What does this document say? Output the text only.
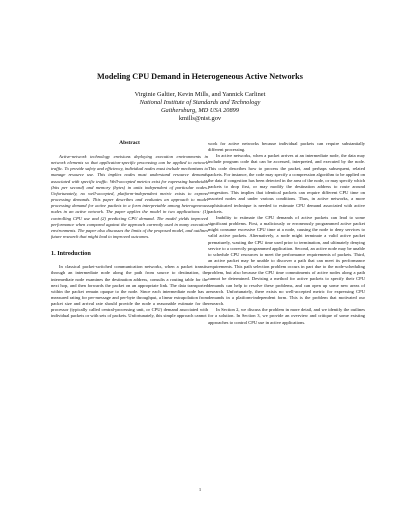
Modeling CPU Demand in Heterogeneous Active Networks
Virginie Galtier, Kevin Mills, and Yannick Carlinet
National Institute of Standards and Technology
Gaithersburg, MD USA 20899
kmills@nist.gov
Abstract

Active-network technology envisions deploying execution environments in network elements so that application-specific processing can be applied to network traffic. To provide safety and efficiency, individual nodes must include mechanisms to manage resource use. This implies nodes must understand resource demands associated with specific traffic. Well-accepted metrics exist for expressing bandwidth (bits per second) and memory (bytes) in units independent of particular nodes. Unfortunately, no well-accepted, platform-independent metric exists to express processing demands. This paper describes and evaluates an approach to model processing demand for active packets in a form interpretable among heterogeneous nodes in an active network. The paper applies the model in two applications: (1) controlling CPU use and (2) predicting CPU demand. The model yields improved performance when compared against the approach currently used in many execution environments. The paper also discusses the limits of the proposed model, and outlines future research that might lead to improved outcomes.

1. Introduction

In classical packet-switched communication networks, when a packet transits through an intermediate node along the path from source to destination, the intermediate node examines the destination address, consults a routing table for the next hop, and then forwards the packet on an appropriate link. The data transported within the packet remain opaque to the node. Since each intermediate node has a measured rating for per-message and per-byte throughput, a linear extrapolation from packet size and arrival rate should provide the node a reasonable estimate for the processor (typically called central-processing unit, or CPU) demand associated with individual packets or with sets of packets. Unfortunately, this simple approach cannot

work for active networks because individual packets can require substantially different processing.

In active networks, when a packet arrives at an intermediate node, the data may include program code that can be accessed, interpreted, and executed by the node. This code describes how to process the packet, and perhaps subsequent, related packets. For instance, the code may specify a compression algorithm to be applied on the data if congestion has been detected in the area of the node, or may specify which packets to drop first, or may modify the destination address to route around congestion. This implies that identical packets can require different CPU time on assorted nodes and under various conditions. Thus, in active networks, a more sophisticated technique is needed to estimate CPU demand associated with active packets.

Inability to estimate the CPU demands of active packets can lead to some significant problems. First, a maliciously or erroneously programmed active packet might consume excessive CPU time at a node, causing the node to deny services to valid active packets. Alternatively, a node might terminate a valid active packet prematurely, wasting the CPU time used prior to termination, and ultimately denying service to a correctly programmed application. Second, an active node may be unable to schedule CPU resources to meet the performance requirements of packets. Third, an active packet may be unable to discover a path that can meet its performance requirements. This path selection problem occurs in part due to the node-scheduling problem, but also because the CPU time commitments of active nodes along a path cannot be determined. Devising a method for active packets to specify their CPU demands can help to resolve these problems, and can open up some new areas of research. Unfortunately, there exists no well-accepted metric for expressing CPU demands in a platform-independent form. This is the problem that motivated our research.

In Section 2, we discuss the problem in more detail, and we identify the outlines for a solution. In Section 3, we provide an overview and critique of some existing approaches to control CPU use in active applications.

1
